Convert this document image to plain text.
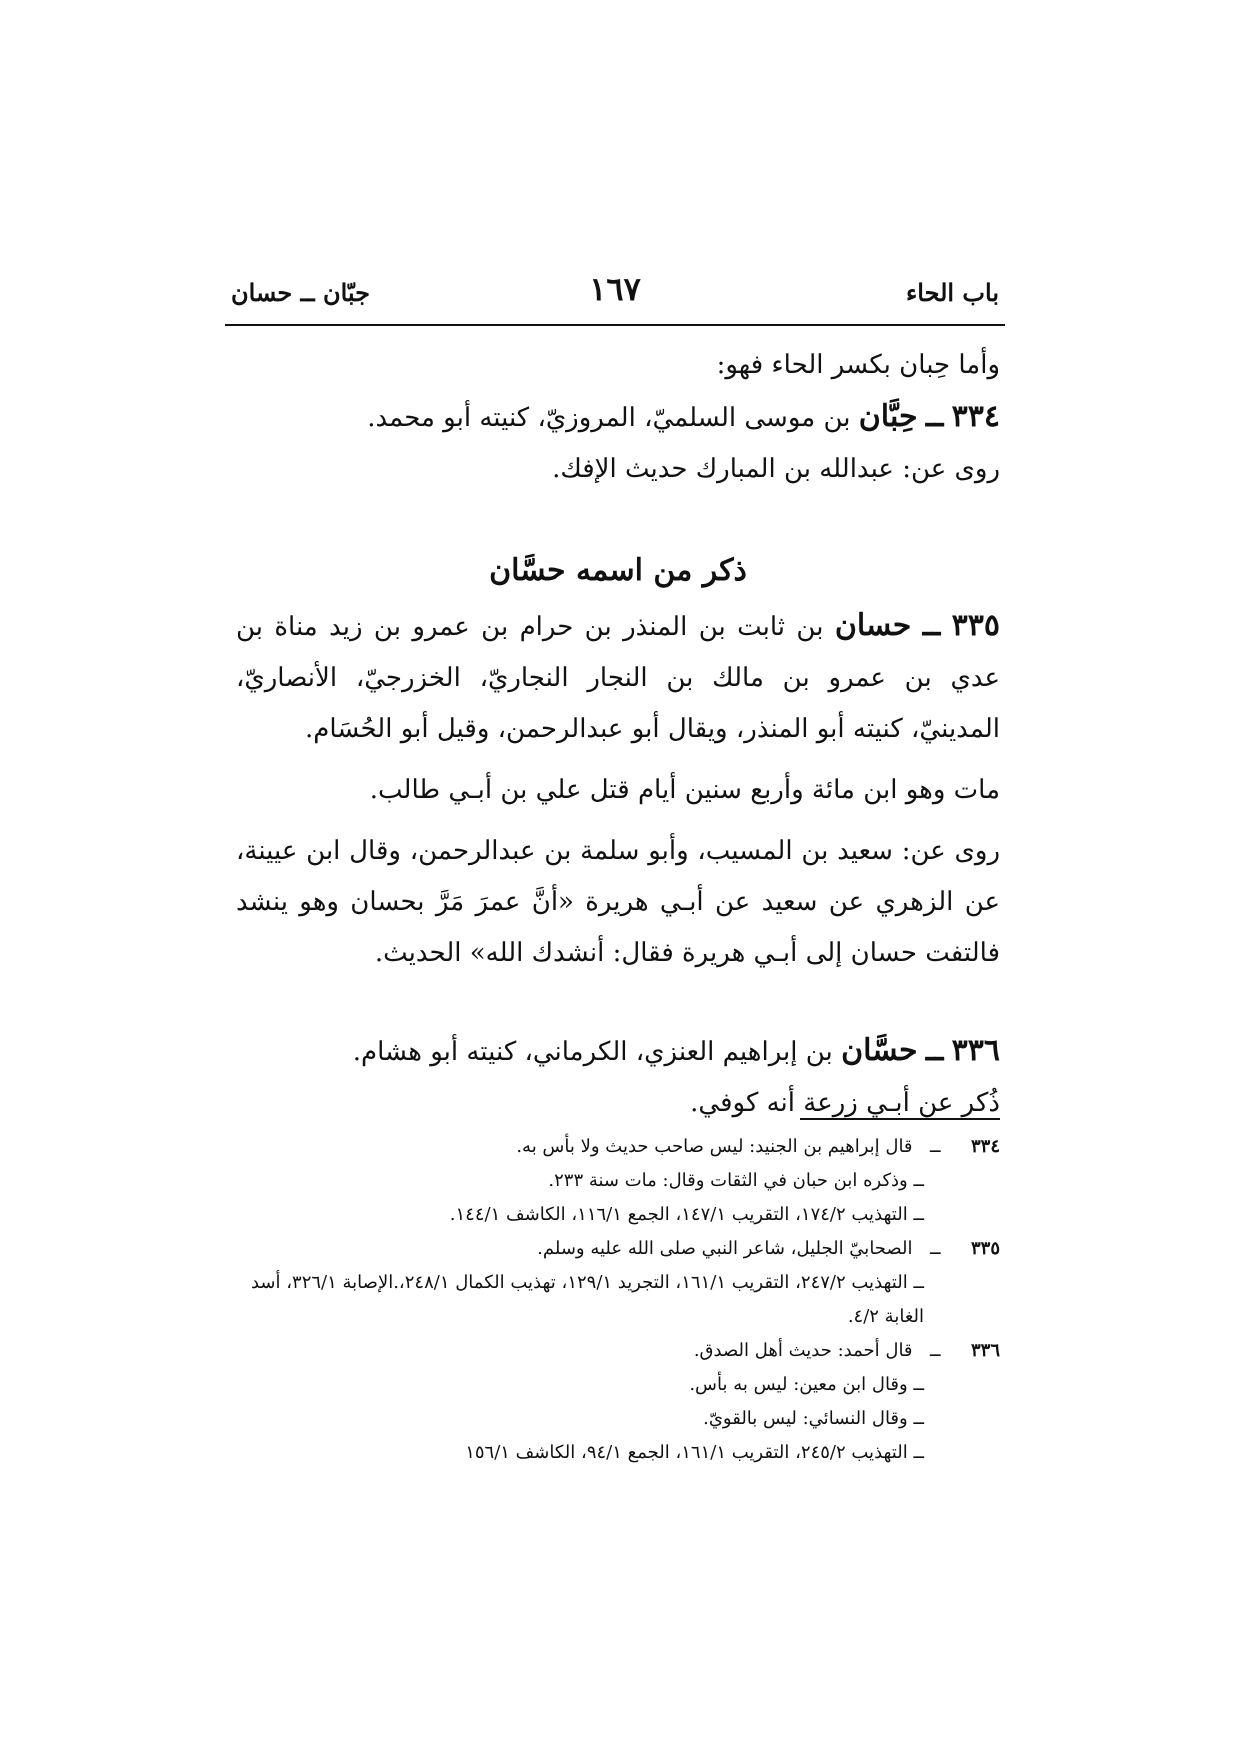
باب الحاء
١٦٧
جبّان ــ حسان

وأما حِبان بكسر الحاء فهو:

٣٣٤ ــ حِبَّان بن موسى السلميّ، المروزيّ، كنيته أبو محمد.

روى عن: عبدالله بن المبارك حديث الإفك.

ذكر من اسمه حسَّان

٣٣٥ ــ حسان بن ثابت بن المنذر بن حرام بن عمرو بن زيد مناة بن عدي بن عمرو بن مالك بن النجار النجاريّ، الخزرجيّ، الأنصاريّ، المدينيّ، كنيته أبو المنذر، ويقال أبو عبدالرحمن، وقيل أبو الحُسَام.

مات وهو ابن مائة وأربع سنين أيام قتل علي بن أبـي طالب.

روى عن: سعيد بن المسيب، وأبو سلمة بن عبدالرحمن، وقال ابن عيينة، عن الزهري عن سعيد عن أبـي هريرة «أنَّ عمرَ مَرَّ بحسان وهو ينشد فالتفت حسان إلى أبـي هريرة فقال: أنشدك الله» الحديث.

٣٣٦ ــ حسَّان بن إبراهيم العنزي، الكرماني، كنيته أبو هشام.

ذُكر عن أبـي زرعة أنه كوفي.

٣٣٤ ــ قال إبراهيم بن الجنيد: ليس صاحب حديث ولا بأس به.

ــ وذكره ابن حبان في الثقات وقال: مات سنة ٢٣٣.

ــ التهذيب ١٧٤/٢، التقريب ١٤٧/١، الجمع ١١٦/١، الكاشف ١٤٤/١.

٣٣٥ ــ الصحابيّ الجليل، شاعر النبي صلى الله عليه وسلم.

ــ التهذيب ٢٤٧/٢، التقريب ١٦١/١، التجريد ١٢٩/١، تهذيب الكمال ٢٤٨/١،.الإصابة ٣٢٦/١، أسد الغابة ٤/٢.

٣٣٦ ــ قال أحمد: حديث أهل الصدق.

ــ وقال ابن معين: ليس به بأس.

ــ وقال النسائي: ليس بالقويّ.

ــ التهذيب ٢٤٥/٢، التقريب ١٦١/١، الجمع ٩٤/١، الكاشف ١٥٦/١
